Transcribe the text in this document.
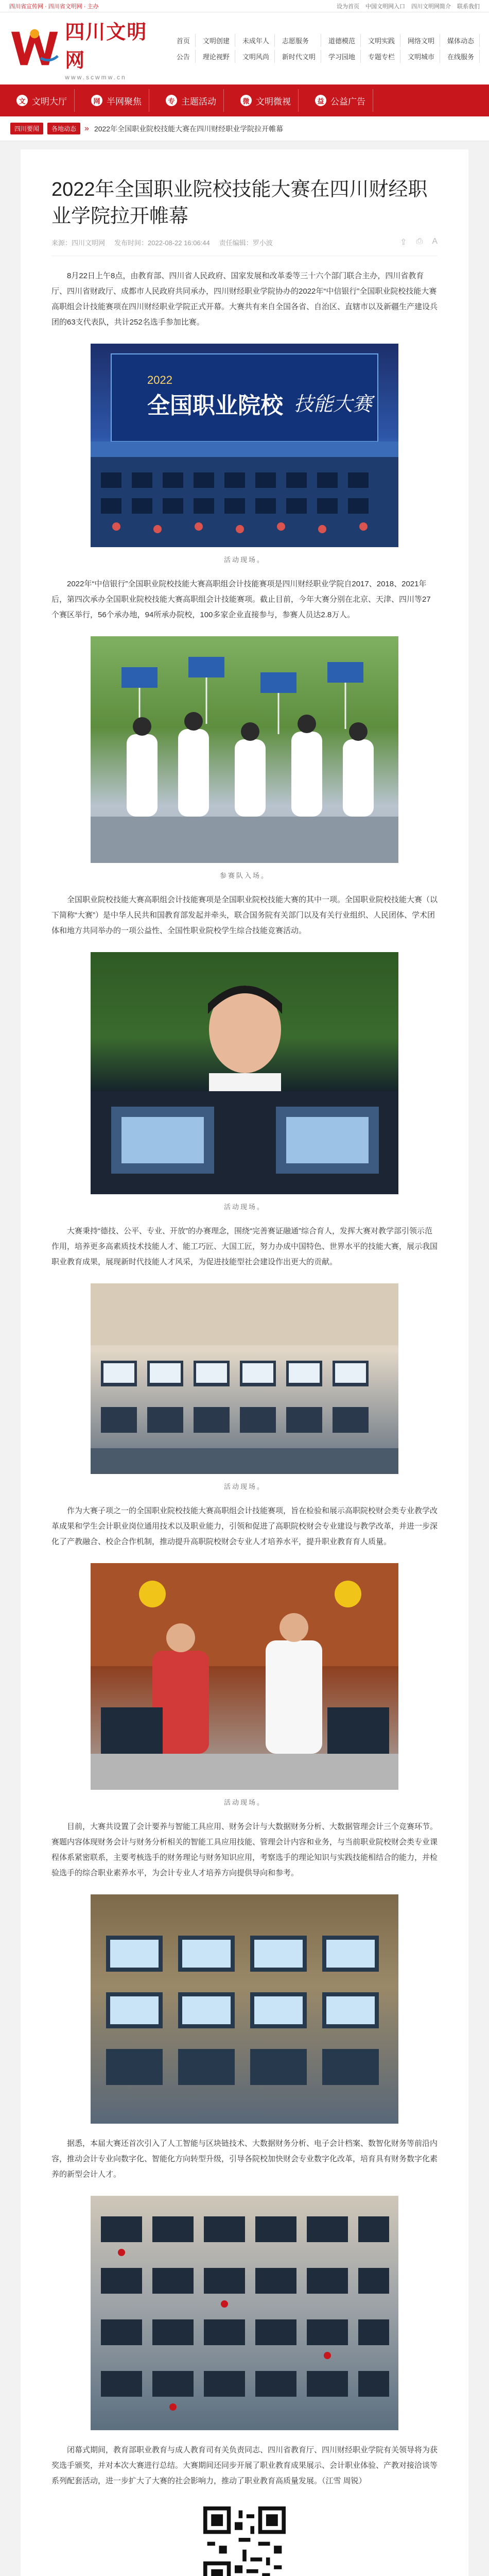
四川省宣传网 · 四川省文明网 · 主办	设为首页 中国文明网入口 四川文明网简介 联系我们
四川文明网
www.scwmw.cn
首页	文明创建	未成年人	志愿服务	道德模范	文明实践	网络文明	媒体动态
公告	理论视野	文明风尚	新时代文明	学习园地	专题专栏	文明城市	在线服务
文 文明大厅	网 半网聚焦	专 主题活动	微 文明微视	益 公益广告
四川要闻	各地动态	» 2022年全国职业院校技能大赛在四川财经职业学院拉开帷幕
2022年全国职业院校技能大赛在四川财经职业学院拉开帷幕
来源：四川文明网 发布时间：2022-08-22 16:06:44 责任编辑：罗小波	⇪ ⎙ A

8月22日上午8点，由教育部、四川省人民政府、国家发展和改革委等三十六个部门联合主办，四川省教育厅、四川省财政厅、成都市人民政府共同承办，四川财经职业学院协办的2022年“中信银行”全国职业院校技能大赛高职组会计技能赛项在四川财经职业学院正式开幕。大赛共有来自全国各省、自治区、直辖市以及新疆生产建设兵团的63支代表队，共计252名选手参加比赛。

2022
全国职业院校 技能大赛
活动现场。

2022年“中信银行”全国职业院校技能大赛高职组会计技能赛项是四川财经职业学院自2017、2018、2021年后，第四次承办全国职业院校技能大赛高职组会计技能赛项。截止目前，今年大赛分别在北京、天津、四川等27个赛区举行，56个承办地，94所承办院校，100多家企业直接参与，参赛人员达2.8万人。

参赛队入场。

全国职业院校技能大赛高职组会计技能赛项是全国职业院校技能大赛的其中一项。全国职业院校技能大赛（以下简称“大赛”）是中华人民共和国教育部发起并牵头，联合国务院有关部门以及有关行业组织、人民团体、学术团体和地方共同举办的一项公益性、全国性职业院校学生综合技能竞赛活动。

活动现场。

大赛秉持“德技、公平、专业、开放”的办赛理念，围绕“完善赛证融通”综合育人，发挥大赛对教学部引领示范作用，培养更多高素质技术技能人才、能工巧匠、大国工匠，努力办成中国特色、世界水平的技能大赛，展示我国职业教育成果，展现新时代技能人才风采，为促进技能型社会建设作出更大的贡献。

活动现场。

作为大赛子项之一的全国职业院校技能大赛高职组会计技能赛项，旨在检验和展示高职院校财会类专业教学改革成果和学生会计职业岗位通用技术以及职业能力，引领和促进了高职院校财会专业建设与教学改革，并进一步深化了产教融合、校企合作机制，推动提升高职院校财会专业人才培养水平，提升职业教育育人质量。

活动现场。

目前，大赛共设置了会计要养与智能工具应用、财务会计与大数据财务分析、大数据管理会计三个竞赛环节。赛题内容体现财务会计与财务分析相关的智能工具应用技能、管理会计内容和业务，与当前职业院校财会类专业课程体系紧密联系，主要考核选手的财务理论与财务知识应用，考察选手的理论知识与实践技能相结合的能力，并检验选手的综合职业素养水平，为会计专业人才培养方向提供导向和参考。

据悉，本届大赛还首次引入了人工智能与区块链技术、大数据财务分析、电子会计档案、数智化财务等前沿内容，推动会计专业向数字化、智能化方向转型升级，引导各院校加快财会专业数字化改革，培育具有财务数字化素养的新型会计人才。

闭幕式期间，教育部职业教育与成人教育司有关负责同志、四川省教育厅、四川财经职业学院有关领导将为获奖选手颁奖，并对本次大赛进行总结。大赛期间还同步开展了职业教育成果展示、会计职业体验、产教对接洽谈等系列配套活动，进一步扩大了大赛的社会影响力，推动了职业教育高质量发展。（江雪 周锐）
